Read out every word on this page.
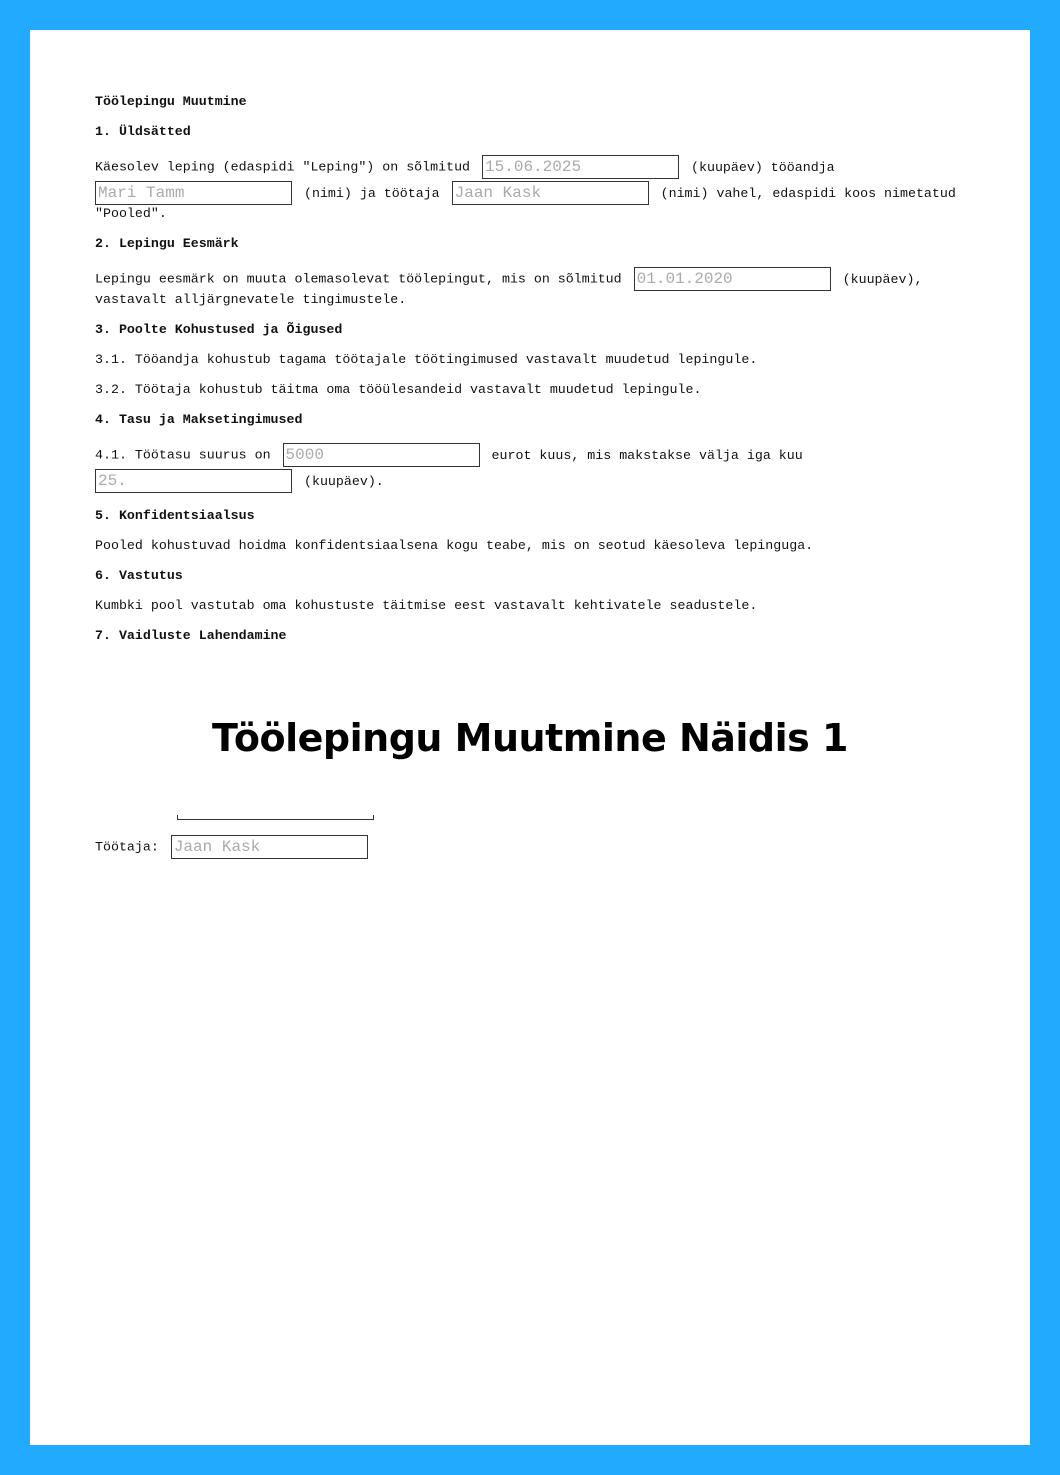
Töölepingu Muutmine
1. Üldsätted
Käesolev leping (edaspidi "Leping") on sõlmitud 15.06.2025	(kuupäev) tööandja
Mari Tamm	(nimi) ja töötaja Jaan Kask	(nimi) vahel, edaspidi koos nimetatud
"Pooled".
2. Lepingu Eesmärk
Lepingu eesmärk on muuta olemasolevat töölepingut, mis on sõlmitud 01.01.2020	(kuupäev),
vastavalt alljärgnevatele tingimustele.
3. Poolte Kohustused ja Õigused
3.1. Tööandja kohustub tagama töötajale töötingimused vastavalt muudetud lepingule.
3.2. Töötaja kohustub täitma oma tööülesandeid vastavalt muudetud lepingule.
4. Tasu ja Maksetingimused
4.1. Töötasu suurus on 5000	eurot kuus, mis makstakse välja iga kuu
25.	(kuupäev).
5. Konfidentsiaalsus
Pooled kohustuvad hoidma konfidentsiaalsena kogu teabe, mis on seotud käesoleva lepinguga.
6. Vastutus
Kumbki pool vastutab oma kohustuste täitmise eest vastavalt kehtivatele seadustele.
7. Vaidluste Lahendamine
Töötaja: Jaan Kask
Töölepingu Muutmine Näidis 1
